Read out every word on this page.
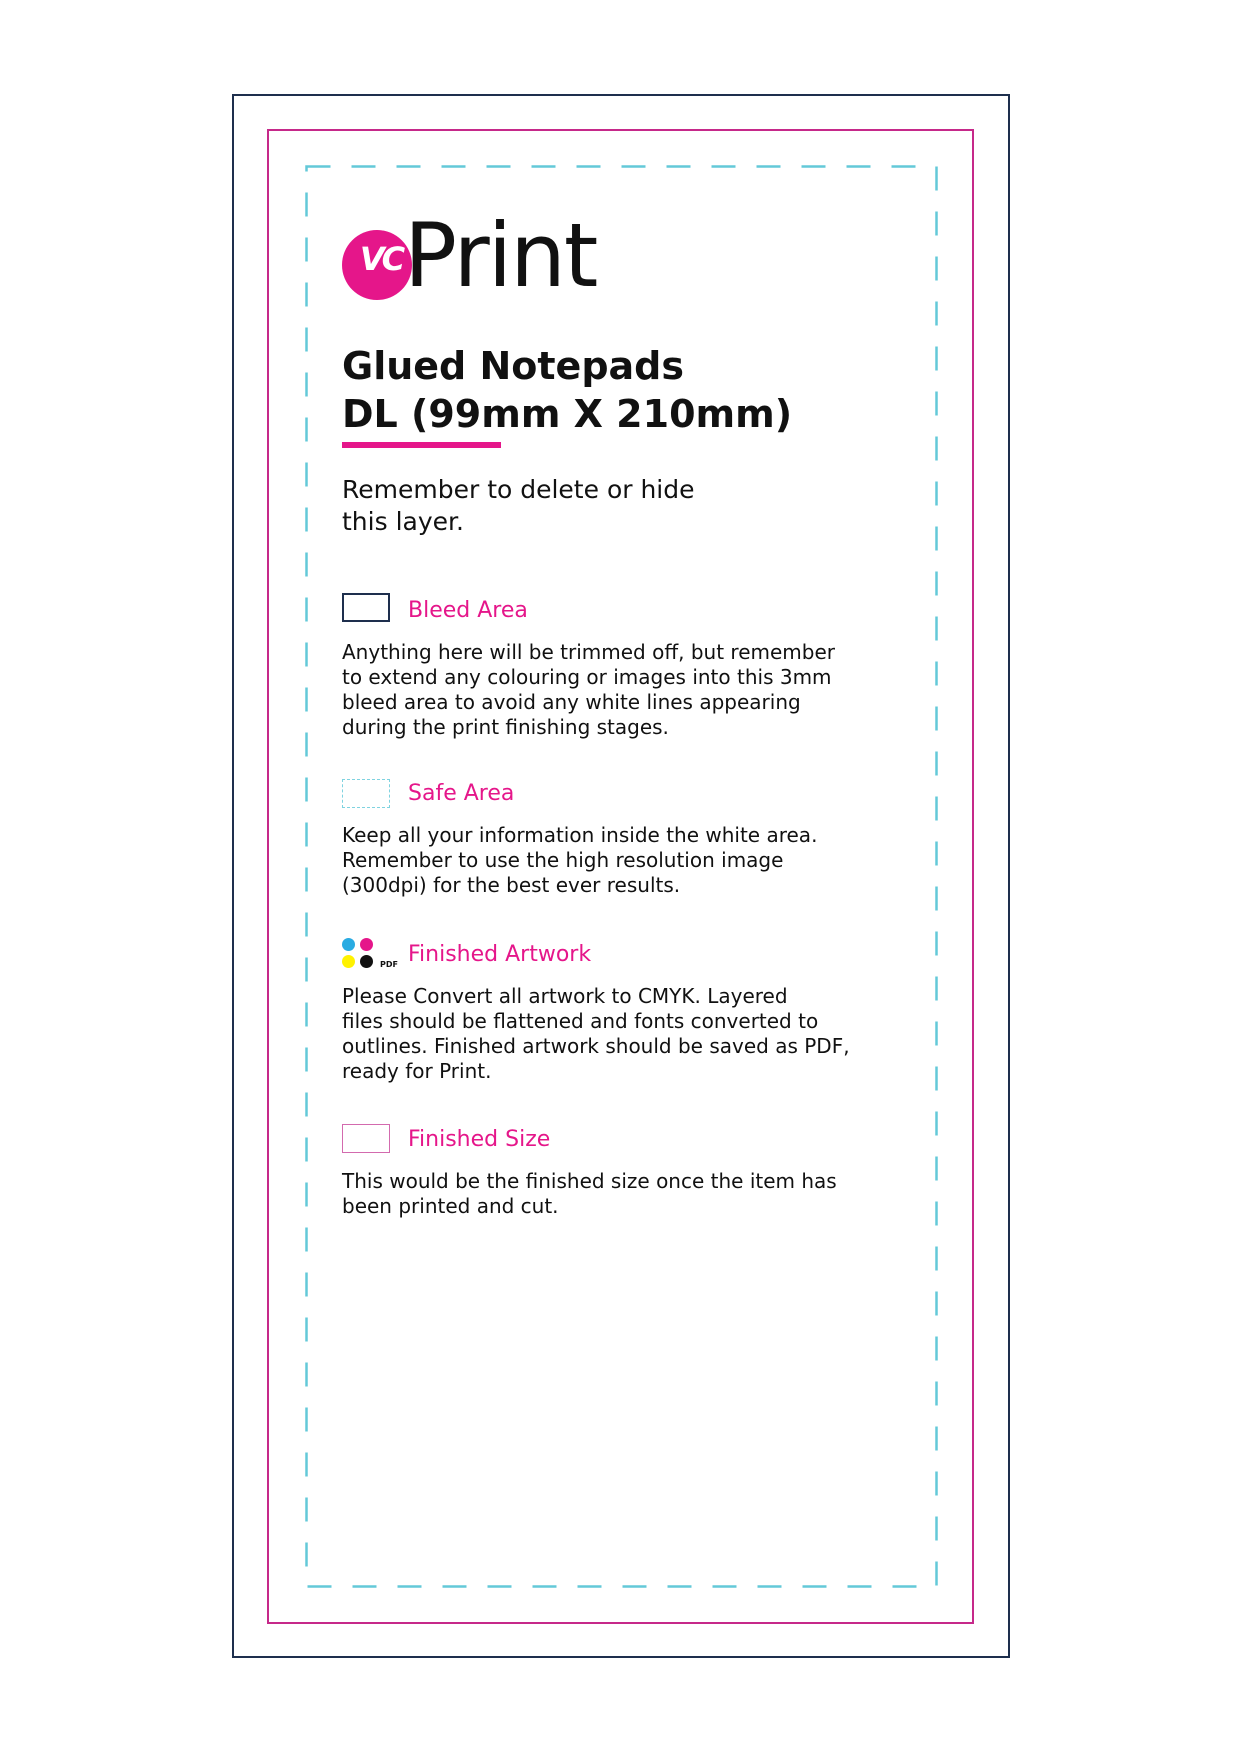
VC Print
Glued Notepads
DL (99mm X 210mm)
Remember to delete or hide
this layer.
Bleed Area
Anything here will be trimmed off, but remember
to extend any colouring or images into this 3mm
bleed area to avoid any white lines appearing
during the print finishing stages.
Safe Area
Keep all your information inside the white area.
Remember to use the high resolution image
(300dpi) for the best ever results.
PDF Finished Artwork
Please Convert all artwork to CMYK. Layered
files should be flattened and fonts converted to
outlines. Finished artwork should be saved as PDF,
ready for Print.
Finished Size
This would be the finished size once the item has
been printed and cut.
